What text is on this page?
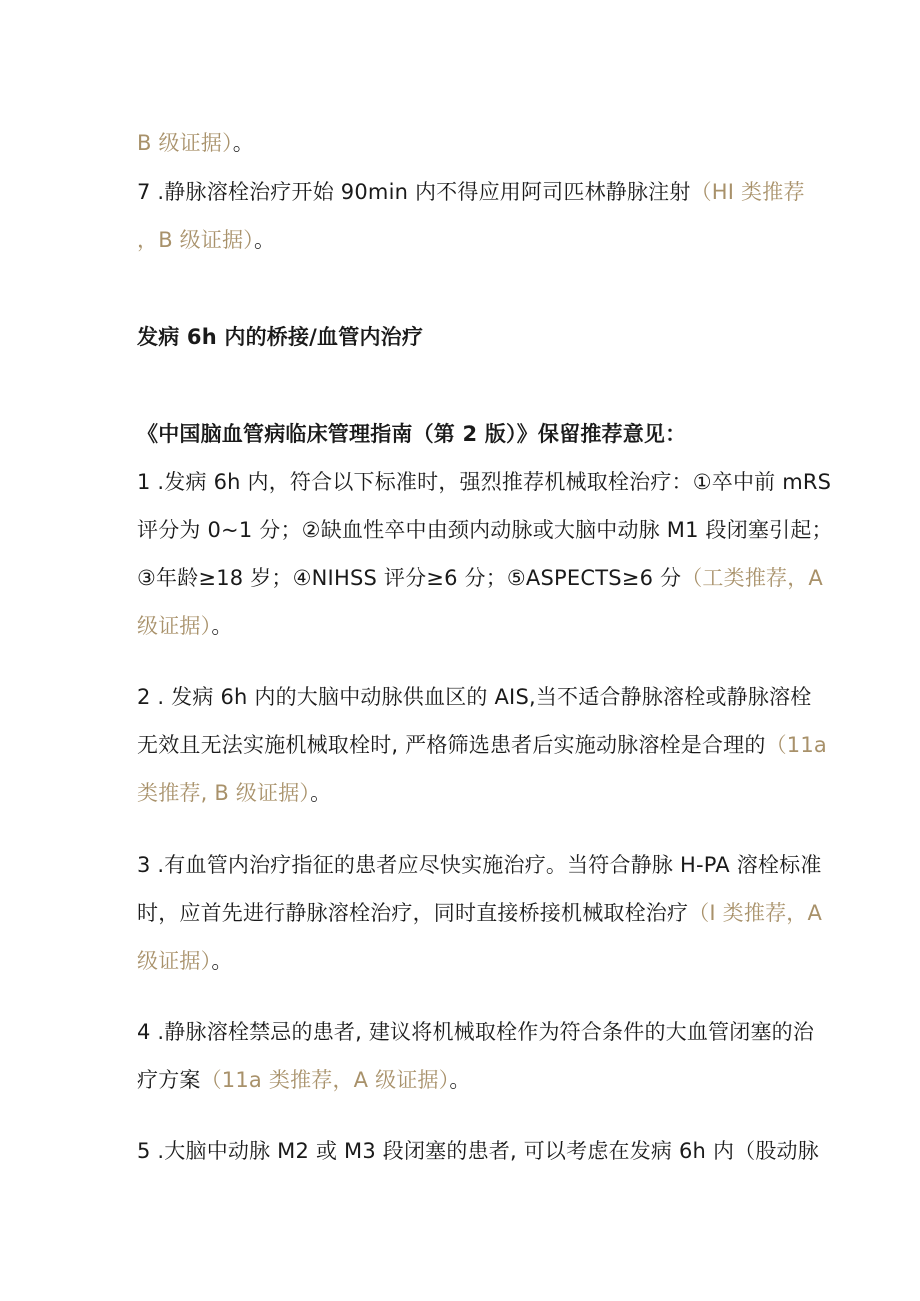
B 级证据）。
7 .静脉溶栓治疗开始 90min 内不得应用阿司匹林静脉注射（HI 类推荐
，B 级证据）。
发病 6h 内的桥接/血管内治疗
《中国脑血管病临床管理指南（第 2 版）》保留推荐意见：
1 .发病 6h 内，符合以下标准时，强烈推荐机械取栓治疗：①卒中前 mRS
评分为 0~1 分；②缺血性卒中由颈内动脉或大脑中动脉 M1 段闭塞引起；
③年龄≥18 岁；④NIHSS 评分≥6 分；⑤ASPECTS≥6 分（工类推荐，A
级证据）。
2 . 发病 6h 内的大脑中动脉供血区的 AIS,当不适合静脉溶栓或静脉溶栓
无效且无法实施机械取栓时, 严格筛选患者后实施动脉溶栓是合理的（11a
类推荐, B 级证据）。
3 .有血管内治疗指征的患者应尽快实施治疗。当符合静脉 H-PA 溶栓标准
时，应首先进行静脉溶栓治疗，同时直接桥接机械取栓治疗（I 类推荐，A
级证据）。
4 .静脉溶栓禁忌的患者, 建议将机械取栓作为符合条件的大血管闭塞的治
疗方案（11a 类推荐，A 级证据）。
5 .大脑中动脉 M2 或 M3 段闭塞的患者, 可以考虑在发病 6h 内（股动脉
